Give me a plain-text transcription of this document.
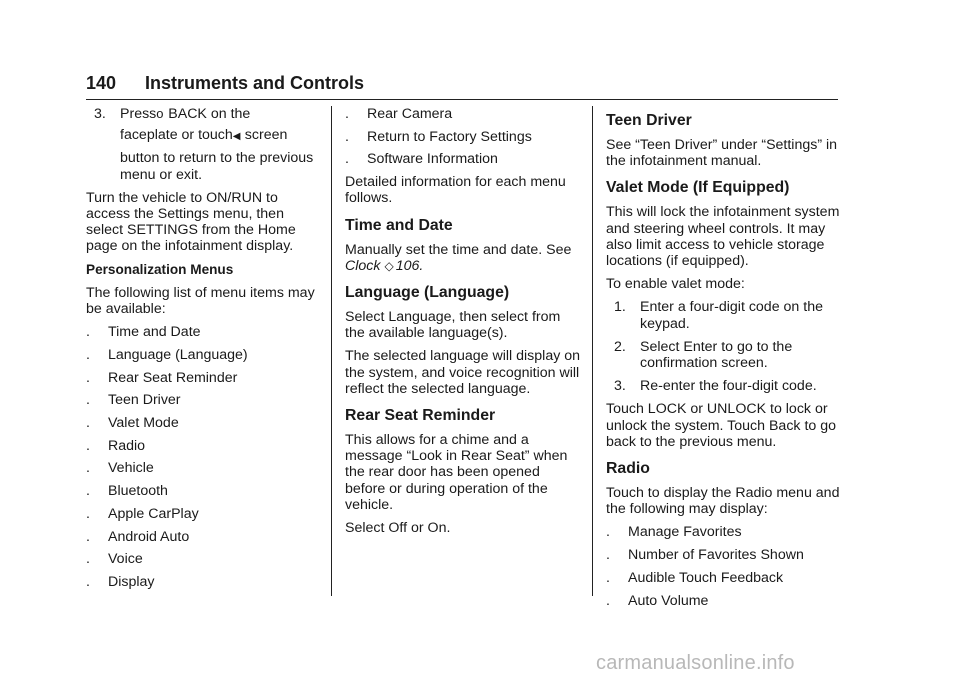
140 Instruments and Controls
3. Presso BACK on the
faceplate or touch◀ screen
button to return to the previous menu or exit.

Turn the vehicle to ON/RUN to access the Settings menu, then select SETTINGS from the Home page on the infotainment display.

Personalization Menus

The following list of menu items may be available:

.	Time and Date
.	Language (Language)
.	Rear Seat Reminder
.	Teen Driver
.	Valet Mode
.	Radio
.	Vehicle
.	Bluetooth
.	Apple CarPlay
.	Android Auto
.	Voice
.	Display
.	Rear Camera
.	Return to Factory Settings
.	Software Information

Detailed information for each menu follows.

Time and Date

Manually set the time and date. See
Clock ◇ 106.

Language (Language)

Select Language, then select from the available language(s).

The selected language will display on the system, and voice recognition will reflect the selected language.

Rear Seat Reminder

This allows for a chime and a message “Look in Rear Seat” when the rear door has been opened before or during operation of the vehicle.

Select Off or On.

Teen Driver

See “Teen Driver” under “Settings” in the infotainment manual.

Valet Mode (If Equipped)

This will lock the infotainment system and steering wheel controls. It may also limit access to vehicle storage locations (if equipped).

To enable valet mode:

1. Enter a four-digit code on the keypad.
2. Select Enter to go to the confirmation screen.
3. Re-enter the four-digit code.

Touch LOCK or UNLOCK to lock or unlock the system. Touch Back to go back to the previous menu.

Radio

Touch to display the Radio menu and the following may display:

.	Manage Favorites
.	Number of Favorites Shown
.	Audible Touch Feedback
.	Auto Volume
carmanualsonline.info
